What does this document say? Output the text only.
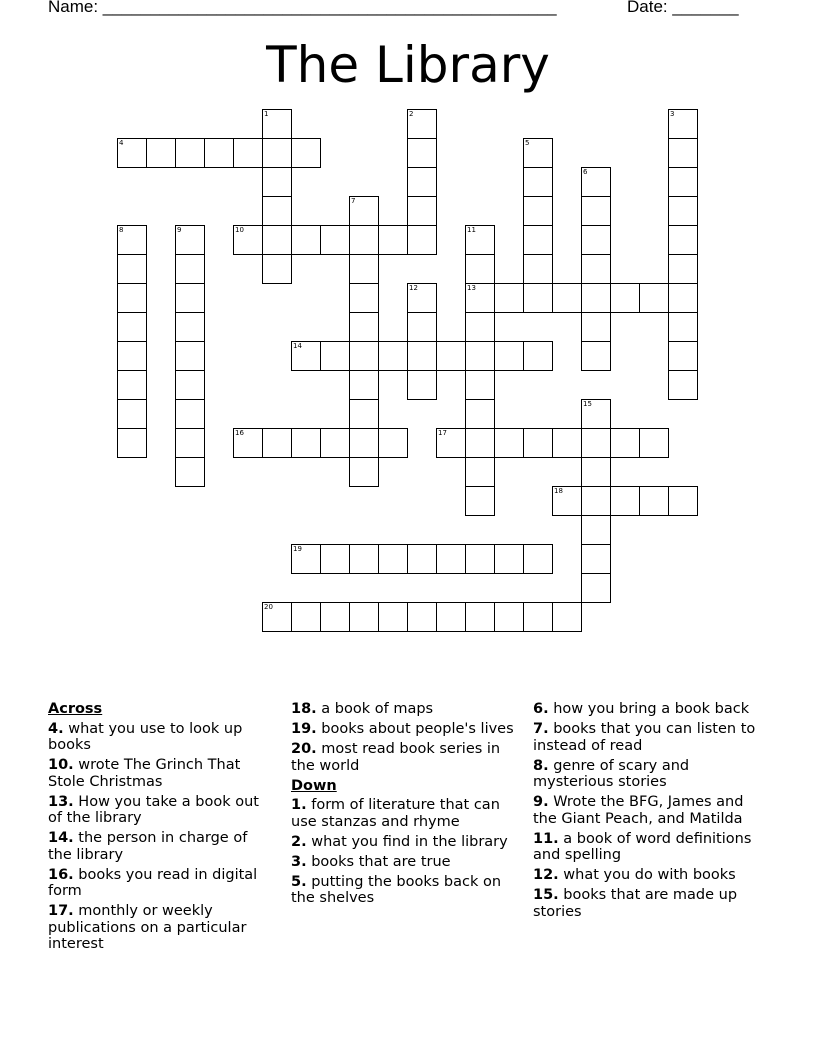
Name: ________________________________________________	Date: _______
The Library
4
10
13
14
16	17
18
19
20
1	2	3
5
6
7
8	9	11
12
15
Across
4. what you use to look up books
10. wrote The Grinch That Stole Christmas
13. How you take a book out of the library
14. the person in charge of the library
16. books you read in digital form
17. monthly or weekly publications on a particular interest
18. a book of maps
19. books about people's lives
20. most read book series in the world
Down
1. form of literature that can use stanzas and rhyme
2. what you find in the library
3. books that are true
5. putting the books back on the shelves
6. how you bring a book back
7. books that you can listen to instead of read
8. genre of scary and mysterious stories
9. Wrote the BFG, James and the Giant Peach, and Matilda
11. a book of word definitions and spelling
12. what you do with books
15. books that are made up stories
